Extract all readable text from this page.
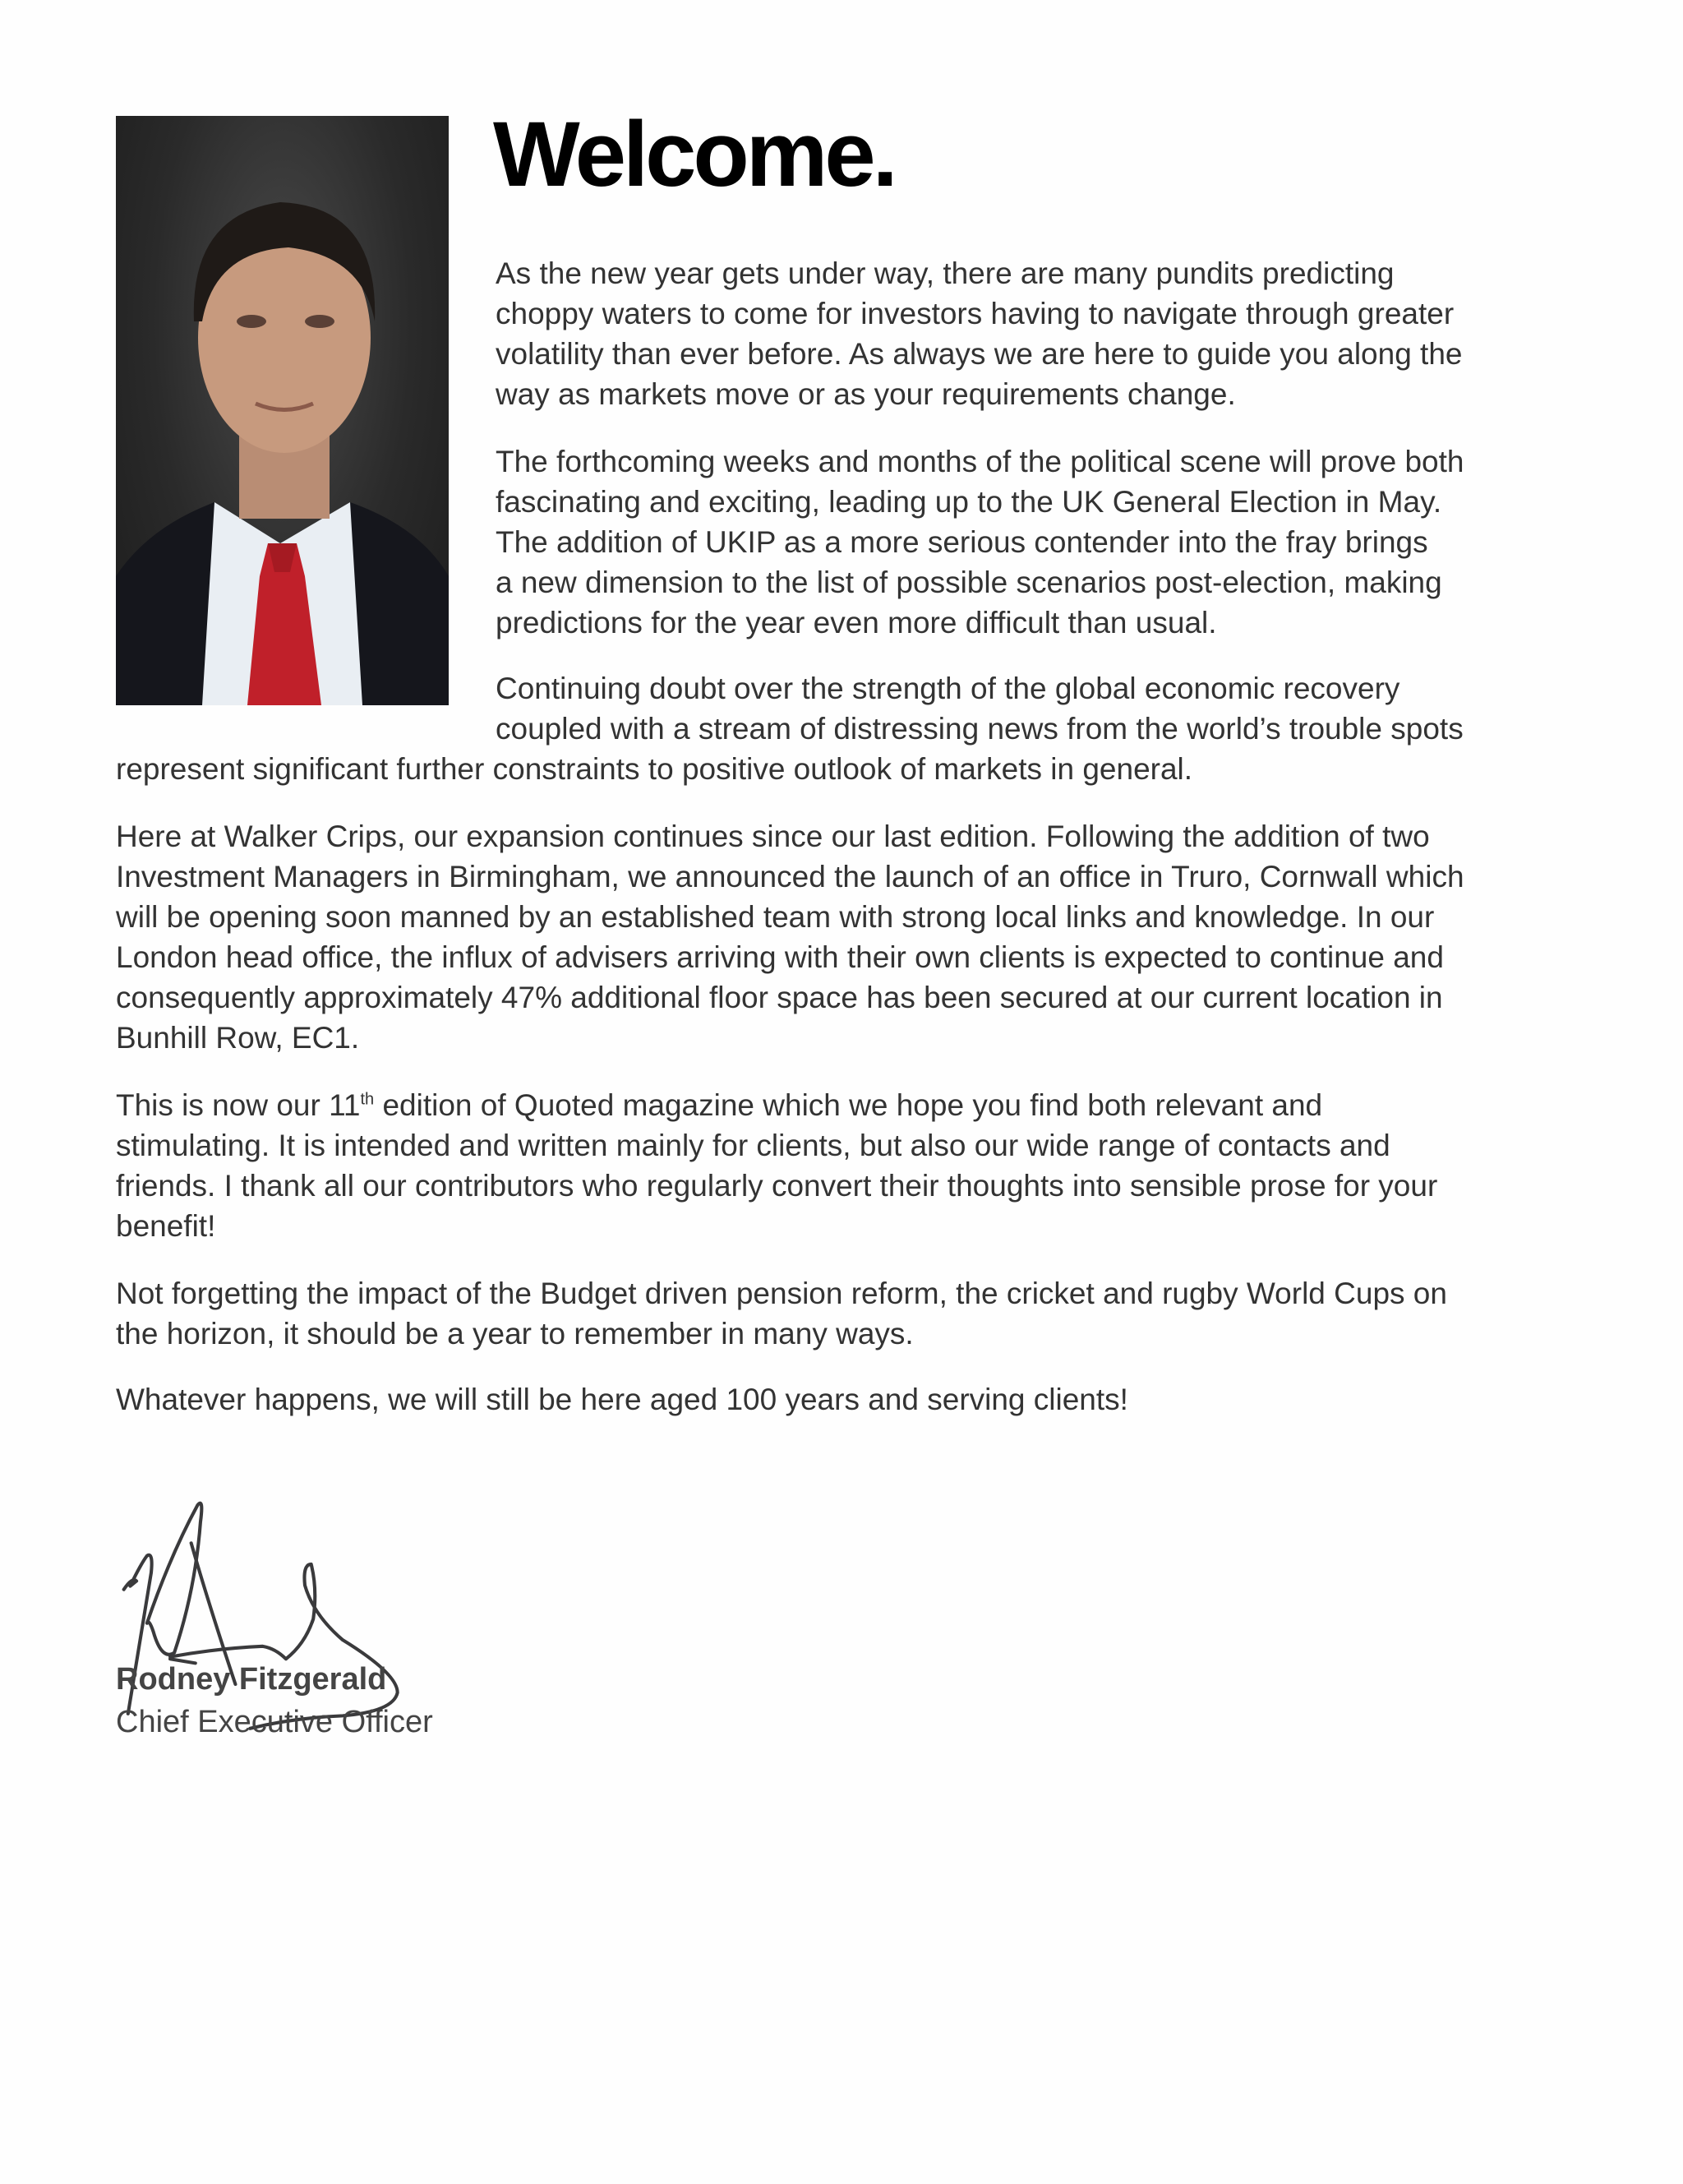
Welcome.
As the new year gets under way, there are many pundits predicting
choppy waters to come for investors having to navigate through greater
volatility than ever before. As always we are here to guide you along the
way as markets move or as your requirements change.
The forthcoming weeks and months of the political scene will prove both
fascinating and exciting, leading up to the UK General Election in May.
The addition of UKIP as a more serious contender into the fray brings
a new dimension to the list of possible scenarios post-election, making
predictions for the year even more difficult than usual.
Continuing doubt over the strength of the global economic recovery
coupled with a stream of distressing news from the world’s trouble spots
represent significant further constraints to positive outlook of markets in general.
Here at Walker Crips, our expansion continues since our last edition. Following the addition of two
Investment Managers in Birmingham, we announced the launch of an office in Truro, Cornwall which
will be opening soon manned by an established team with strong local links and knowledge. In our
London head office, the influx of advisers arriving with their own clients is expected to continue and
consequently approximately 47% additional floor space has been secured at our current location in
Bunhill Row, EC1.
This is now our 11th edition of Quoted magazine which we hope you find both relevant and
stimulating. It is intended and written mainly for clients, but also our wide range of contacts and
friends. I thank all our contributors who regularly convert their thoughts into sensible prose for your
benefit!
Not forgetting the impact of the Budget driven pension reform, the cricket and rugby World Cups on
the horizon, it should be a year to remember in many ways.
Whatever happens, we will still be here aged 100 years and serving clients!
Rodney Fitzgerald
Chief Executive Officer
